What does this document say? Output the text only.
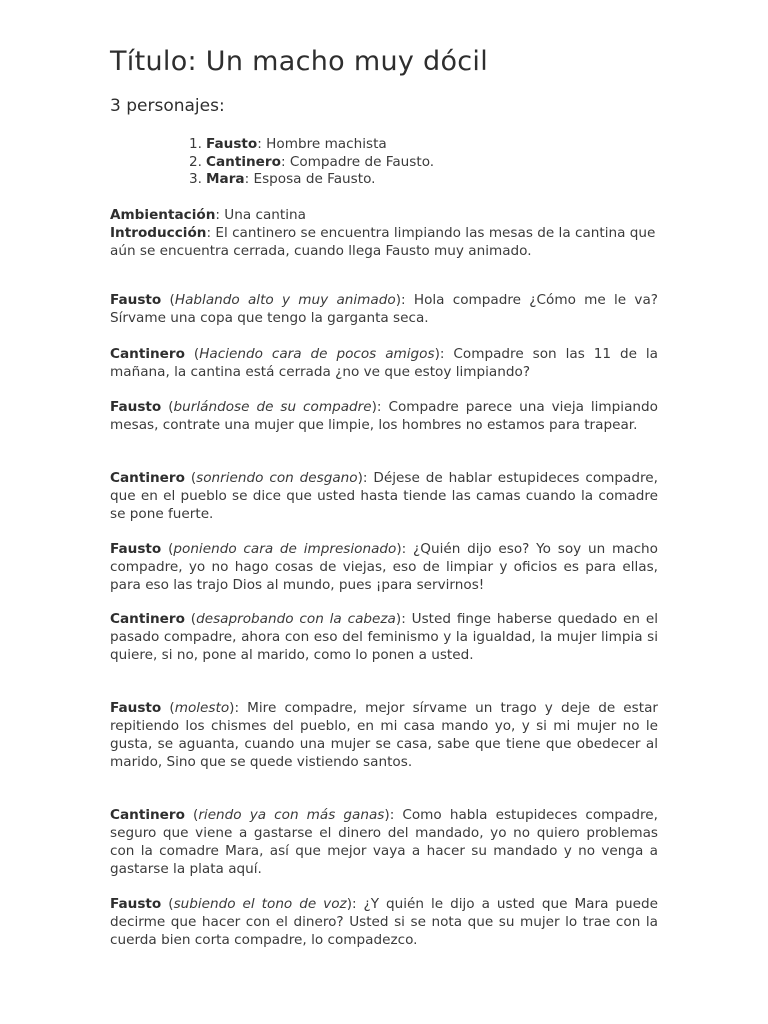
Título: Un macho muy dócil
3 personajes:
1. Fausto: Hombre machista
2. Cantinero: Compadre de Fausto.
3. Mara: Esposa de Fausto.

Ambientación: Una cantina

Introducción: El cantinero se encuentra limpiando las mesas de la cantina que aún se encuentra cerrada, cuando llega Fausto muy animado.

Fausto (Hablando alto y muy animado): Hola compadre ¿Cómo me le va? Sírvame una copa que tengo la garganta seca.

Cantinero (Haciendo cara de pocos amigos): Compadre son las 11 de la mañana, la cantina está cerrada ¿no ve que estoy limpiando?

Fausto (burlándose de su compadre): Compadre parece una vieja limpiando mesas, contrate una mujer que limpie, los hombres no estamos para trapear.

Cantinero (sonriendo con desgano): Déjese de hablar estupideces compadre, que en el pueblo se dice que usted hasta tiende las camas cuando la comadre se pone fuerte.

Fausto (poniendo cara de impresionado): ¿Quién dijo eso? Yo soy un macho compadre, yo no hago cosas de viejas, eso de limpiar y oficios es para ellas, para eso las trajo Dios al mundo, pues ¡para servirnos!

Cantinero (desaprobando con la cabeza): Usted finge haberse quedado en el pasado compadre, ahora con eso del feminismo y la igualdad, la mujer limpia si quiere, si no, pone al marido, como lo ponen a usted.

Fausto (molesto): Mire compadre, mejor sírvame un trago y deje de estar repitiendo los chismes del pueblo, en mi casa mando yo, y si mi mujer no le gusta, se aguanta, cuando una mujer se casa, sabe que tiene que obedecer al marido, Sino que se quede vistiendo santos.

Cantinero (riendo ya con más ganas): Como habla estupideces compadre, seguro que viene a gastarse el dinero del mandado, yo no quiero problemas con la comadre Mara, así que mejor vaya a hacer su mandado y no venga a gastarse la plata aquí.

Fausto (subiendo el tono de voz): ¿Y quién le dijo a usted que Mara puede decirme que hacer con el dinero? Usted si se nota que su mujer lo trae con la cuerda bien corta compadre, lo compadezco.
